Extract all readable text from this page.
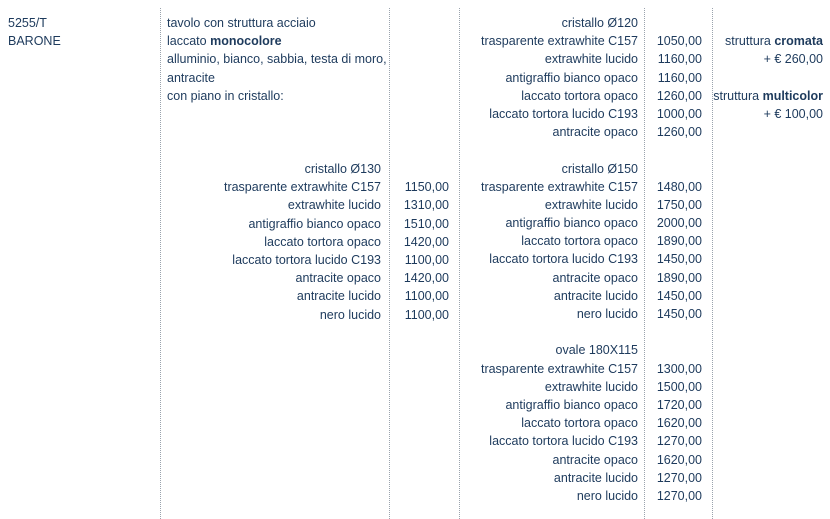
5255/T
BARONE
tavolo con struttura acciaio
laccato monocolore
alluminio, bianco, sabbia, testa di moro,
antracite
con piano in cristallo:
cristallo Ø130
trasparente extrawhite C157
extrawhite lucido
antigraffio bianco opaco
laccato tortora opaco
laccato tortora lucido C193
antracite opaco
antracite lucido
nero lucido
1150,00
1310,00
1510,00
1420,00
1100,00
1420,00
1100,00
1100,00
cristallo Ø120
trasparente extrawhite C157
extrawhite lucido
antigraffio bianco opaco
laccato tortora opaco
laccato tortora lucido C193
antracite opaco
cristallo Ø150
trasparente extrawhite C157
extrawhite lucido
antigraffio bianco opaco
laccato tortora opaco
laccato tortora lucido C193
antracite opaco
antracite lucido
nero lucido
ovale 180X115
trasparente extrawhite C157
extrawhite lucido
antigraffio bianco opaco
laccato tortora opaco
laccato tortora lucido C193
antracite opaco
antracite lucido
nero lucido
1050,00
1160,00
1160,00
1260,00
1000,00
1260,00
1480,00
1750,00
2000,00
1890,00
1450,00
1890,00
1450,00
1450,00
1300,00
1500,00
1720,00
1620,00
1270,00
1620,00
1270,00
1270,00
struttura cromata
+ € 260,00
struttura multicolor
+ € 100,00
